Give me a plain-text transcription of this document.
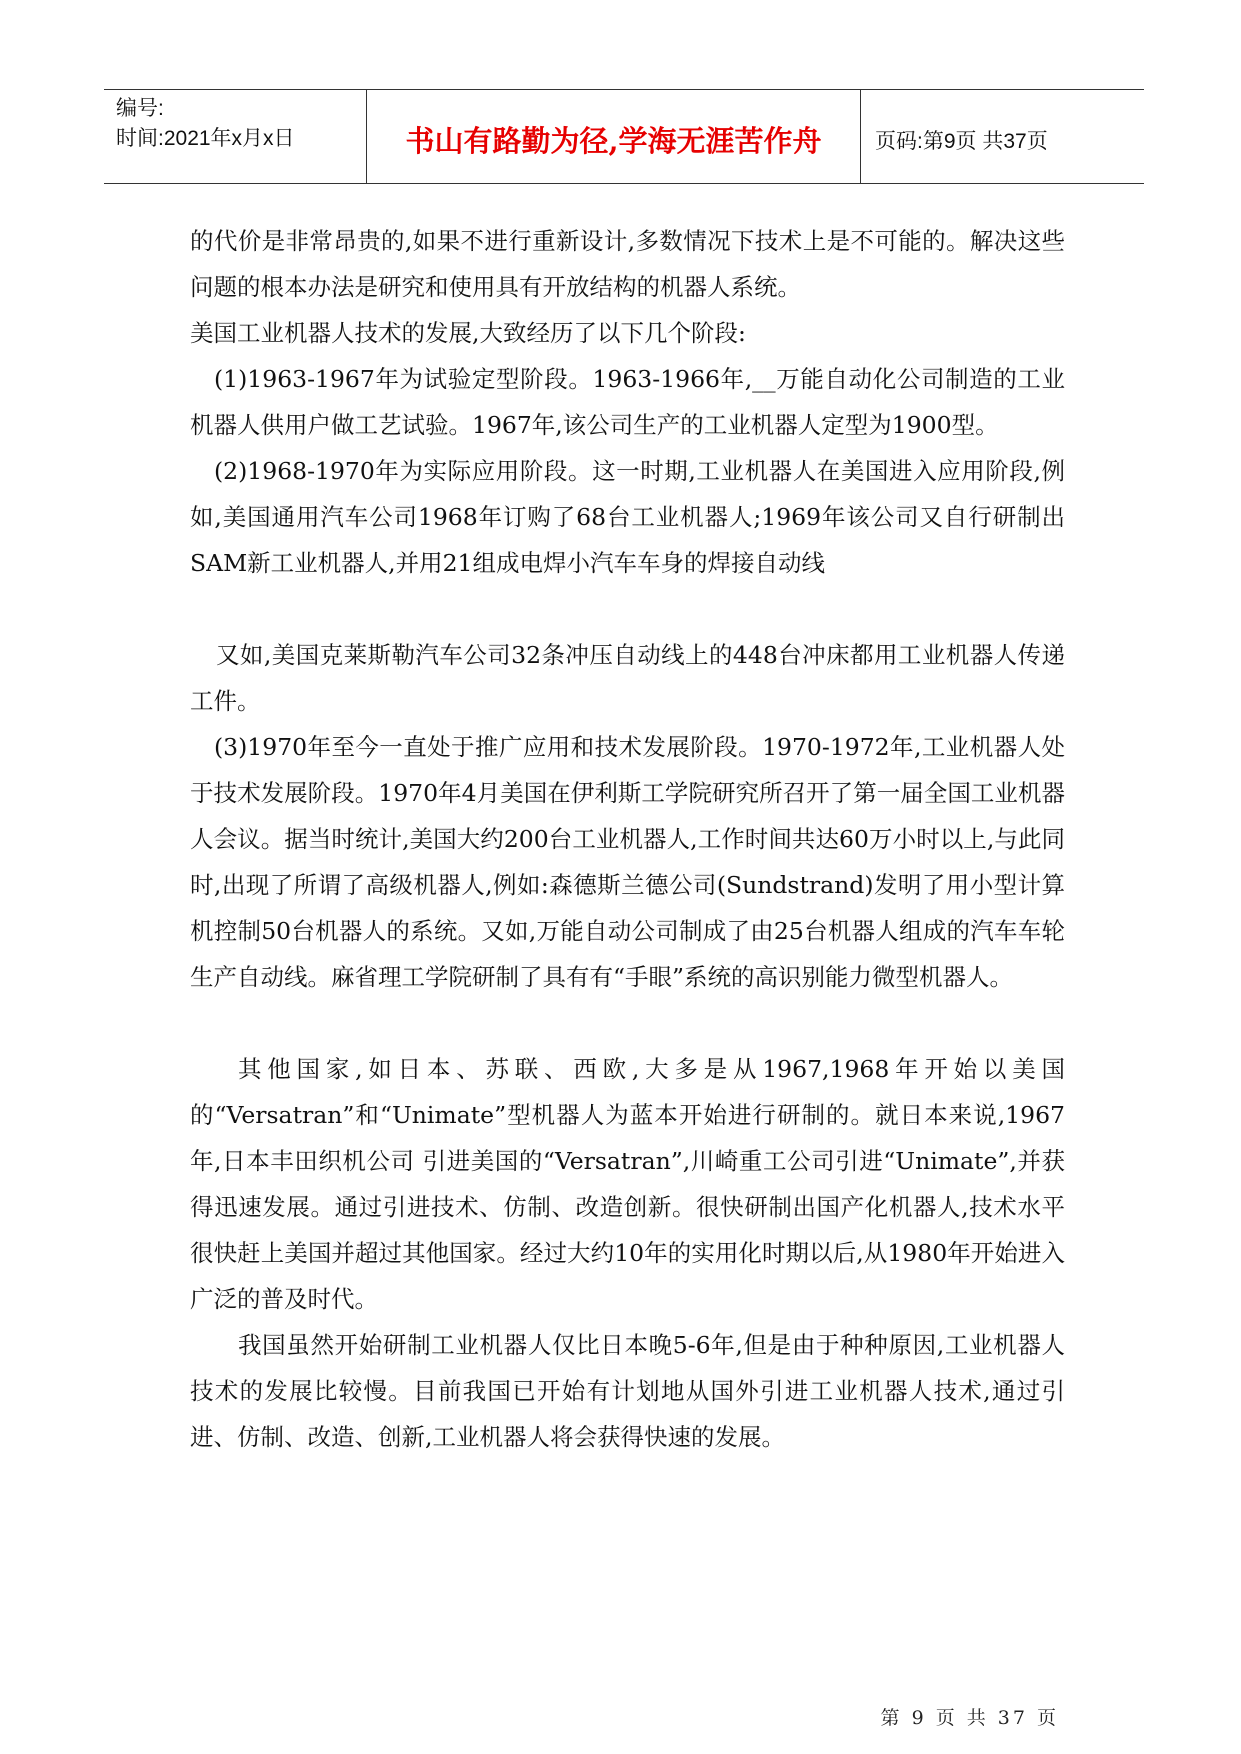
编号:
时间:2021年x月x日	书山有路勤为径,学海无涯苦作舟	页码:第9页 共37页

的代价是非常昂贵的,如果不进行重新设计,多数情况下技术上是不可能的。解决这些问题的根本办法是研究和使用具有开放结构的机器人系统。

美国工业机器人技术的发展,大致经历了以下几个阶段:

(1)1963-1967年为试验定型阶段。1963-1966年,__万能自动化公司制造的工业机器人供用户做工艺试验。1967年,该公司生产的工业机器人定型为1900型。

(2)1968-1970年为实际应用阶段。这一时期,工业机器人在美国进入应用阶段,例如,美国通用汽车公司1968年订购了68台工业机器人;1969年该公司又自行研制出SAM新工业机器人,并用21组成电焊小汽车车身的焊接自动线

又如,美国克莱斯勒汽车公司32条冲压自动线上的448台冲床都用工业机器人传递工件。

(3)1970年至今一直处于推广应用和技术发展阶段。1970-1972年,工业机器人处于技术发展阶段。1970年4月美国在伊利斯工学院研究所召开了第一届全国工业机器人会议。据当时统计,美国大约200台工业机器人,工作时间共达60万小时以上,与此同时,出现了所谓了高级机器人,例如:森德斯兰德公司(Sundstrand)发明了用小型计算机控制50台机器人的系统。又如,万能自动公司制成了由25台机器人组成的汽车车轮生产自动线。麻省理工学院研制了具有有“手眼”系统的高识别能力微型机器人。

其他国家,如日本、苏联、西欧,大多是从1967,1968年开始以美国的“Versatran”和“Unimate”型机器人为蓝本开始进行研制的。就日本来说,1967年,日本丰田织机公司 引进美国的“Versatran”,川崎重工公司引进“Unimate”,并获得迅速发展。通过引进技术、仿制、改造创新。很快研制出国产化机器人,技术水平很快赶上美国并超过其他国家。经过大约10年的实用化时期以后,从1980年开始进入广泛的普及时代。

我国虽然开始研制工业机器人仅比日本晚5-6年,但是由于种种原因,工业机器人技术的发展比较慢。目前我国已开始有计划地从国外引进工业机器人技术,通过引进、仿制、改造、创新,工业机器人将会获得快速的发展。

第 9 页 共 37 页
